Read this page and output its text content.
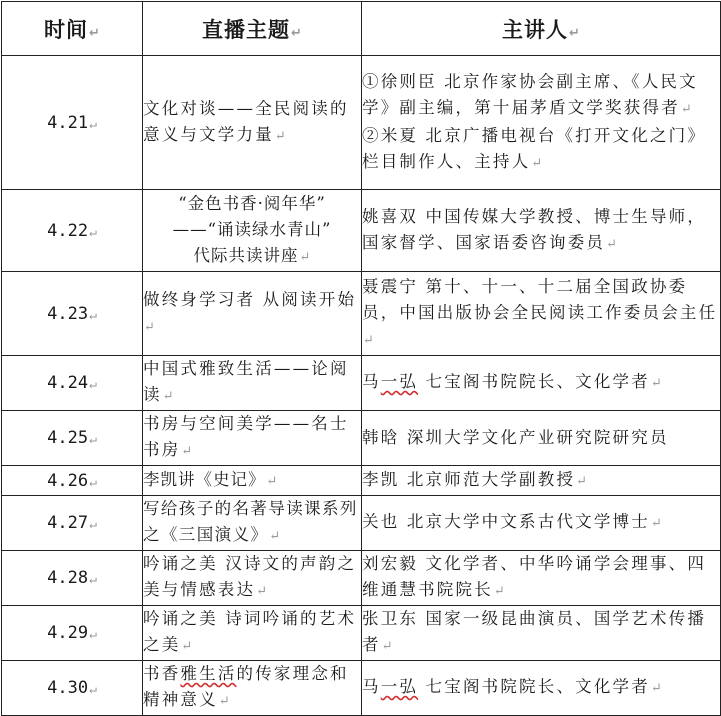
时间↵	直播主题↵	主讲人↵
4.21↵	文化对谈——全民阅读的意义与文学力量↵	①徐则臣 北京作家协会副主席、《人民文学》副主编，第十届茅盾文学奖获得者↵
②米夏 北京广播电视台《打开文化之门》栏目制作人、主持人↵

4.22↵	“金色书香·阅年华”
——“诵读绿水青山”
代际共读讲座↵	姚喜双 中国传媒大学教授、博士生导师，国家督学、国家语委咨询委员↵
4.23↵	做终身学习者 从阅读开始↵	聂震宁 第十、十一、十二届全国政协委员，中国出版协会全民阅读工作委员会主任↵
4.24↵	中国式雅致生活——论阅读↵	马一弘 七宝阁书院院长、文化学者↵
4.25↵	书房与空间美学——名士书房↵	韩晗 深圳大学文化产业研究院研究员
4.26↵	李凯讲《史记》↵	李凯 北京师范大学副教授↵
4.27↵	写给孩子的名著导读课系列之《三国演义》↵	关也 北京大学中文系古代文学博士↵
4.28↵	吟诵之美 汉诗文的声韵之美与情感表达↵	刘宏毅 文化学者、中华吟诵学会理事、四维通慧书院院长↵
4.29↵	吟诵之美 诗词吟诵的艺术之美↵	张卫东 国家一级昆曲演员、国学艺术传播者↵
4.30↵	书香雅生活的传家理念和精神意义↵	马一弘 七宝阁书院院长、文化学者↵
